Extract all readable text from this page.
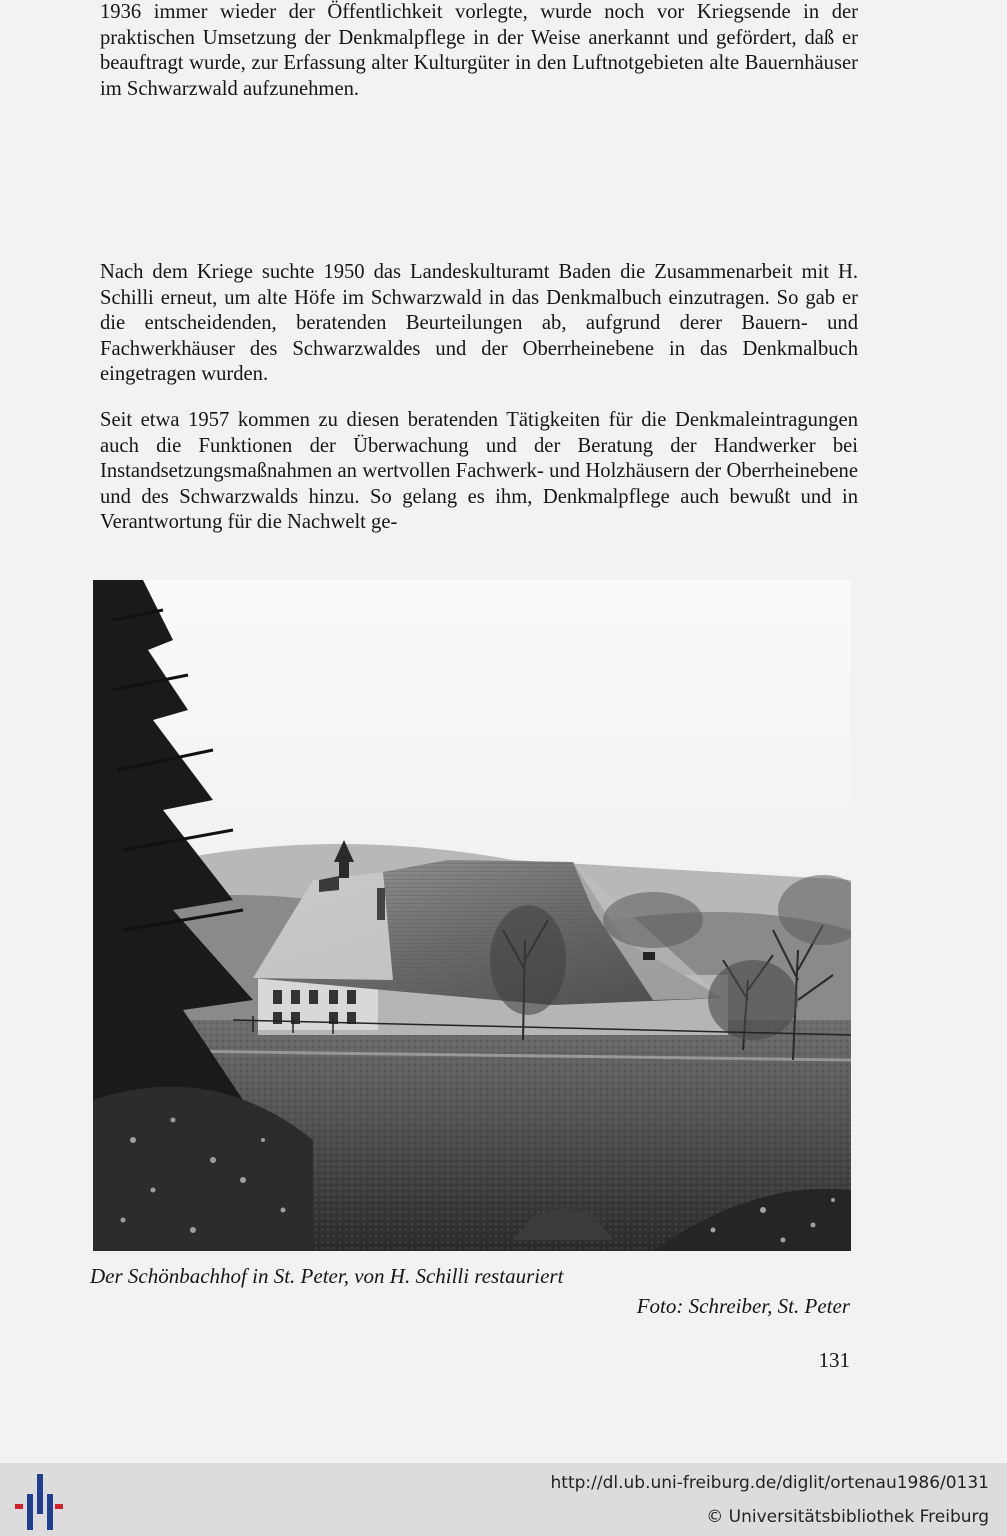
1936 immer wieder der Öffentlichkeit vorlegte, wurde noch vor Kriegsende in der praktischen Umsetzung der Denkmalpflege in der Weise anerkannt und gefördert, daß er beauftragt wurde, zur Erfassung alter Kulturgüter in den Luftnotgebieten alte Bauernhäuser im Schwarzwald aufzunehmen.

Nach dem Kriege suchte 1950 das Landeskulturamt Baden die Zusammenarbeit mit H. Schilli erneut, um alte Höfe im Schwarzwald in das Denkmalbuch einzutragen. So gab er die entscheidenden, beratenden Beurteilungen ab, aufgrund derer Bauern- und Fachwerkhäuser des Schwarzwaldes und der Oberrheinebene in das Denkmalbuch eingetragen wurden.

Seit etwa 1957 kommen zu diesen beratenden Tätigkeiten für die Denkmaleintragungen auch die Funktionen der Überwachung und der Beratung der Handwerker bei Instandsetzungsmaßnahmen an wertvollen Fachwerk- und Holzhäusern der Oberrheinebene und des Schwarzwalds hinzu. So gelang es ihm, Denkmalpflege auch bewußt und in Verantwortung für die Nachwelt ge-

Der Schönbachhof in St. Peter, von H. Schilli restauriert
Foto: Schreiber, St. Peter
131
http://dl.ub.uni-freiburg.de/diglit/ortenau1986/0131
© Universitätsbibliothek Freiburg
